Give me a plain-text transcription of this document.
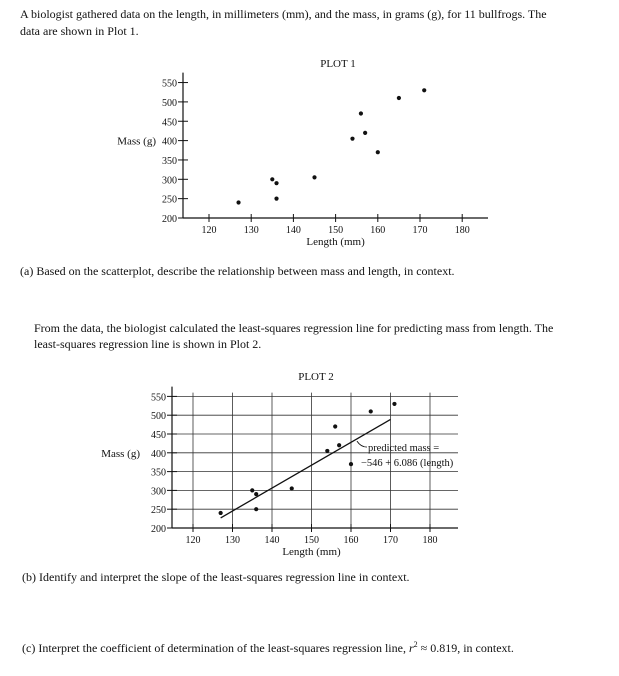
A biologist gathered data on the length, in millimeters (mm), and the mass, in grams (g), for 11 bullfrogs. The
data are shown in Plot 1.
(a) Based on the scatterplot, describe the relationship between mass and length, in context.
From the data, the biologist calculated the least-squares regression line for predicting mass from length. The
least-squares regression line is shown in Plot 2.
(b) Identify and interpret the slope of the least-squares regression line in context.
(c) Interpret the coefficient of determination of the least-squares regression line, $r^2 \approx 0.819$, in context.
200
250
300
350
400
450
500
550
120	130	140	150	160	170	180
PLOT 1
Length (mm)
Mass (g)
200
250
300
350
400
450
500
550
120 130 140 150 160 170 180
PLOT 2
Length (mm)
Mass (g)	predicted mass =
−546 + 6.086 (length)
